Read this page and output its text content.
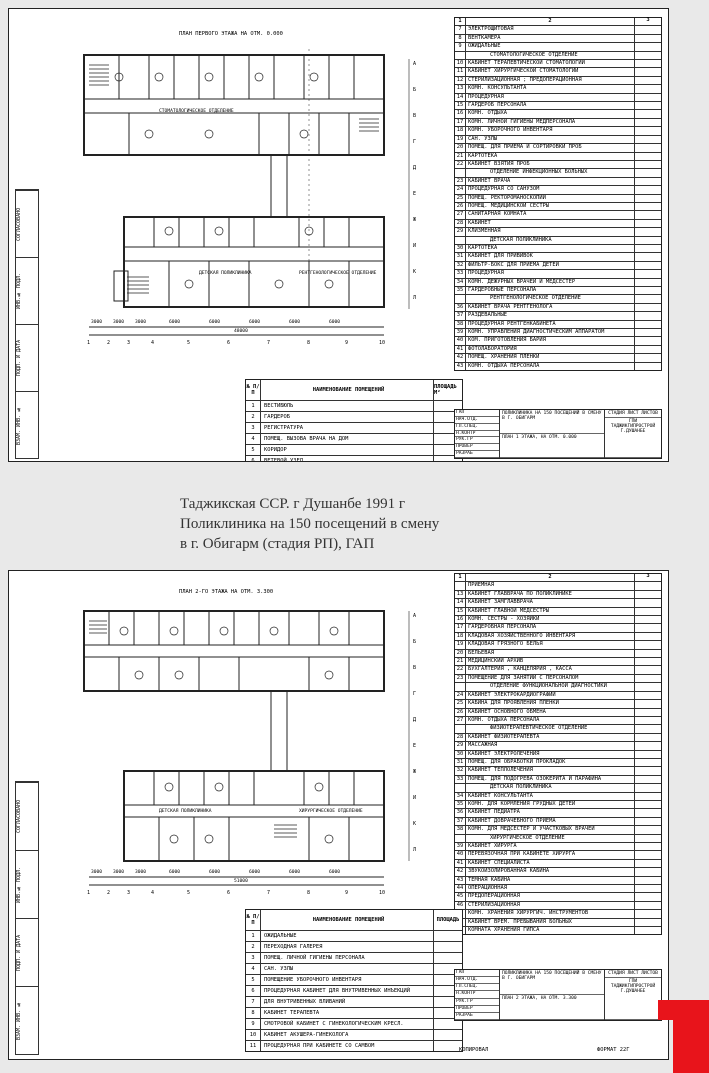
СОГЛАСОВАНО
ИНВ.№ ПОДЛ.
ПОДП. И ДАТА
ВЗАМ. ИНВ. №
ПЛАН ПЕРВОГО ЭТАЖА НА ОТМ. 0.000
СТОМАТОЛОГИЧЕСКОЕ ОТДЕЛЕНИЕ
ДЕТСКАЯ ПОЛИКЛИНИКА	РЕНТГЕНОЛОГИЧЕСКОЕ ОТДЕЛЕНИЕ
3000 3000 3000	6000	6000	6000	6000	6000
48000
1	2	3	4	5	6	7	8	9	10
А
Б
В
Г
Д
Е
Ж
И
К
Л
1	2	3
7	ЭЛЕКТРОЩИТОВАЯ
8	ВЕНТКАМЕРА
9	ОЖИДАЛЬНЫЕ
СТОМАТОЛОГИЧЕСКОЕ ОТДЕЛЕНИЕ
10 КАБИНЕТ ТЕРАПЕВТИЧЕСКОЙ СТОМАТОЛОГИИ
11 КАБИНЕТ ХИРУРГИЧЕСКОЙ СТОМАТОЛОГИИ
12 СТЕРИЛИЗАЦИОННАЯ ; ПРЕДОПЕРАЦИОННАЯ
13 КОМН. КОНСУЛЬТАНТА
14 ПРОЦЕДУРНАЯ
15 ГАРДЕРОБ ПЕРСОНАЛА
16 КОМН. ОТДЫХА
17 КОМН. ЛИЧНОЙ ГИГИЕНЫ МЕДПЕРСОНАЛА
18 КОМН. УБОРОЧНОГО ИНВЕНТАРЯ
19 САН. УЗЛЫ
20 ПОМЕЩ. ДЛЯ ПРИЕМА И СОРТИРОВКИ ПРОБ
21 КАРТОТЕКА
22 КАБИНЕТ ВЗЯТИЯ ПРОБ
ОТДЕЛЕНИЕ ИНФЕКЦИОННЫХ БОЛЬНЫХ
23 КАБИНЕТ ВРАЧА
24 ПРОЦЕДУРНАЯ СО САНУЗОМ
25 ПОМЕЩ. РЕКТОРОМАНОСКОПИИ
26 ПОМЕЩ. МЕДИЦИНСКОЙ СЕСТРЫ
27 САНИТАРНАЯ КОМНАТА
28 КАБИНЕТ
29 КЛИЗМЕННАЯ
ДЕТСКАЯ ПОЛИКЛИНИКА
30 КАРТОТЕКА
31 КАБИНЕТ ДЛЯ ПРИВИВОК
32 ФИЛЬТР-БОКС ДЛЯ ПРИЕМА ДЕТЕЙ
33 ПРОЦЕДУРНАЯ
34 КОМН. ДЕЖУРНЫХ ВРАЧЕЙ И МЕДСЕСТЕР
35 ГАРДЕРОБНЫЕ ПЕРСОНАЛА
РЕНТГЕНОЛОГИЧЕСКОЕ ОТДЕЛЕНИЕ
36 КАБИНЕТ ВРАЧА РЕНТГЕНОЛОГА
37 РАЗДЕВАЛЬНЫЕ
38 ПРОЦЕДУРНАЯ РЕНТГЕНКАБИНЕТА
39 КОМН. УПРАВЛЕНИЯ ДИАГНОСТИЧЕСКИМ АППАРАТОМ
40 КОМ. ПРИГОТОВЛЕНИЯ БАРИЯ
41 ФОТОЛАБОРАТОРИЯ
42 ПОМЕЩ. ХРАНЕНИЯ ПЛЕНКИ
43 КОМН. ОТДЫХА ПЕРСОНАЛА
№ П/П	НАИМЕНОВАНИЕ ПОМЕЩЕНИЙ	ПЛОЩАДЬ М²
1	ВЕСТИБЮЛЬ
2	ГАРДЕРОБ
3	РЕГИСТРАТУРА
4	ПОМЕЩ. ВЫЗОВА ВРАЧА НА ДОМ
5	КОРИДОР
6	ВЕТЕВОЙ УЗЕЛ
ГАП
НАЧ.ОТД.
ГЛ.СПЕЦ.
Н.КОНТР
РУК.ГР
ПРОВЕР
РАЗРАБ
ПОЛИКЛИНИКА НА 150 ПОСЕЩЕНИЙ В СМЕНУ В Г. ОБИГАРМ
ПЛАН 1 ЭТАЖА, НА ОТМ. 0.000
СТАДИЯ ЛИСТ ЛИСТОВ
ГПИ ТАДЖИКГИПРОСТРОЙ Г.ДУШАНБЕ
Таджикская ССР. г Душанбе 1991 г
Поликлиника на 150 посещений в смену
в г. Обигарм (стадия РП), ГАП
СОГЛАСОВАНО
ИНВ.№ ПОДЛ.
ПОДП. И ДАТА
ВЗАМ. ИНВ. №
ПЛАН 2-ГО ЭТАЖА НА ОТМ. 3.300
ДЕТСКАЯ ПОЛИКЛИНИКА	ХИРУРГИЧЕСКОЕ ОТДЕЛЕНИЕ
3000 3000 3000	6000	6000	6000	6000	6000
51000
1	2	3	4	5	6	7	8	9	10
А
Б
В
Г
Д
Е
Ж
И
К
Л
1	2	3
ПРИЕМНАЯ
13 КАБИНЕТ ГЛАВВРАЧА ПО ПОЛИКЛИНИКЕ
14 КАБИНЕТ ЗАМГЛАВВРАЧА
15 КАБИНЕТ ГЛАВНОЙ МЕДСЕСТРЫ
16 КОМН. СЕСТРЫ - ХОЗЯЙКИ
17 ГАРДЕРОБНАЯ ПЕРСОНАЛА
18 КЛАДОВАЯ ХОЗЯЙСТВЕННОГО ИНВЕНТАРЯ
19 КЛАДОВАЯ ГРЯЗНОГО БЕЛЬЯ
20 БЕЛЬЕВАЯ
21 МЕДИЦИНСКИЙ АРХИВ
22 БУХГАЛТЕРИЯ , КАНЦЕЛЯРИЯ , КАССА
23 ПОМЕЩЕНИЕ ДЛЯ ЗАНЯТИЙ С ПЕРСОНАЛОМ
ОТДЕЛЕНИЕ ФУНКЦИОНАЛЬНОЙ ДИАГНОСТИКИ
24 КАБИНЕТ ЭЛЕКТРОКАРДИОГРАФИИ
25 КАБИНА ДЛЯ ПРОЯВЛЕНИЯ ПЛЕНКИ
26 КАБИНЕТ ОСНОВНОГО ОБМЕНА
27 КОМН. ОТДЫХА ПЕРСОНАЛА
ФИЗИОТЕРАПЕВТИЧЕСКОЕ ОТДЕЛЕНИЕ
28 КАБИНЕТ ФИЗИОТЕРАПЕВТА
29 МАССАЖНАЯ
30 КАБИНЕТ ЭЛЕКТРОЛЕЧЕНИЯ
31 ПОМЕЩ. ДЛЯ ОБРАБОТКИ ПРОКЛАДОК
32 КАБИНЕТ ТЕПЛОЛЕЧЕНИЯ
33 ПОМЕЩ. ДЛЯ ПОДОГРЕВА ОЗОКЕРИТА И ПАРАФИНА
ДЕТСКАЯ ПОЛИКЛИНИКА
34 КАБИНЕТ КОНСУЛЬТАНТА
35 КОМН. ДЛЯ КОРМЛЕНИЯ ГРУДНЫХ ДЕТЕЙ
36 КАБИНЕТ ПЕДИАТРА
37 КАБИНЕТ ДОВРАЧЕБНОГО ПРИЕМА
38 КОМН. ДЛЯ МЕДСЕСТЕР И УЧАСТКОВЫХ ВРАЧЕЙ
ХИРУРГИЧЕСКОЕ ОТДЕЛЕНИЕ
39 КАБИНЕТ ХИРУРГА
40 ПЕРЕВЯЗОЧНАЯ ПРИ КАБИНЕТЕ ХИРУРГА
41 КАБИНЕТ СПЕЦИАЛИСТА
42 ЗВУКОИЗОЛИРОВАННАЯ КАБИНА
43 ТЕМНАЯ КАБИНА
44 ОПЕРАЦИОННАЯ
45 ПРЕДОПЕРАЦИОННАЯ
46 СТЕРИЛИЗАЦИОННАЯ
КОМН. ХРАНЕНИЯ ХИРУРГИЧ. ИНСТРУМЕНТОВ
КАБИНЕТ ВРЕМ. ПРЕБЫВАНИЯ БОЛЬНЫХ
КОМНАТА ХРАНЕНИЯ ГИПСА
№ П/П	НАИМЕНОВАНИЕ ПОМЕЩЕНИЙ	ПЛОЩАДЬ
1	ОЖИДАЛЬНЫЕ
2	ПЕРЕХОДНАЯ ГАЛЕРЕЯ
3	ПОМЕЩ. ЛИЧНОЙ ГИГИЕНЫ ПЕРСОНАЛА
4	САН. УЗЛЫ
5	ПОМЕЩЕНИЕ УБОРОЧНОГО ИНВЕНТАРЯ
6	ПРОЦЕДУРНАЯ КАБИНЕТ ДЛЯ ВНУТРИВЕННЫХ ИНЪЕКЦИЙ
7	ДЛЯ ВНУТРИВЕННЫХ ВЛИВАНИЙ
8	КАБИНЕТ ТЕРАПЕВТА
9	СМОТРОВОЙ КАБИНЕТ С ГИНЕКОЛОГИЧЕСКИМ КРЕСЛ.
10	КАБИНЕТ АКУШЕРА-ГИНЕКОЛОГА
11	ПРОЦЕДУРНАЯ ПРИ КАБИНЕТЕ СО САМВОМ
ГАП
НАЧ.ОТД.
ГЛ.СПЕЦ.
Н.КОНТР
РУК.ГР
ПРОВЕР
РАЗРАБ
ПОЛИКЛИНИКА НА 150 ПОСЕЩЕНИЙ В СМЕНУ В Г. ОБИГАРМ
ПЛАН 2 ЭТАЖА, НА ОТМ. 3.300
СТАДИЯ ЛИСТ ЛИСТОВ
ГПИ ТАДЖИКГИПРОСТРОЙ Г.ДУШАНБЕ
КОПИРОВАЛ	ФОРМАТ 22Г
